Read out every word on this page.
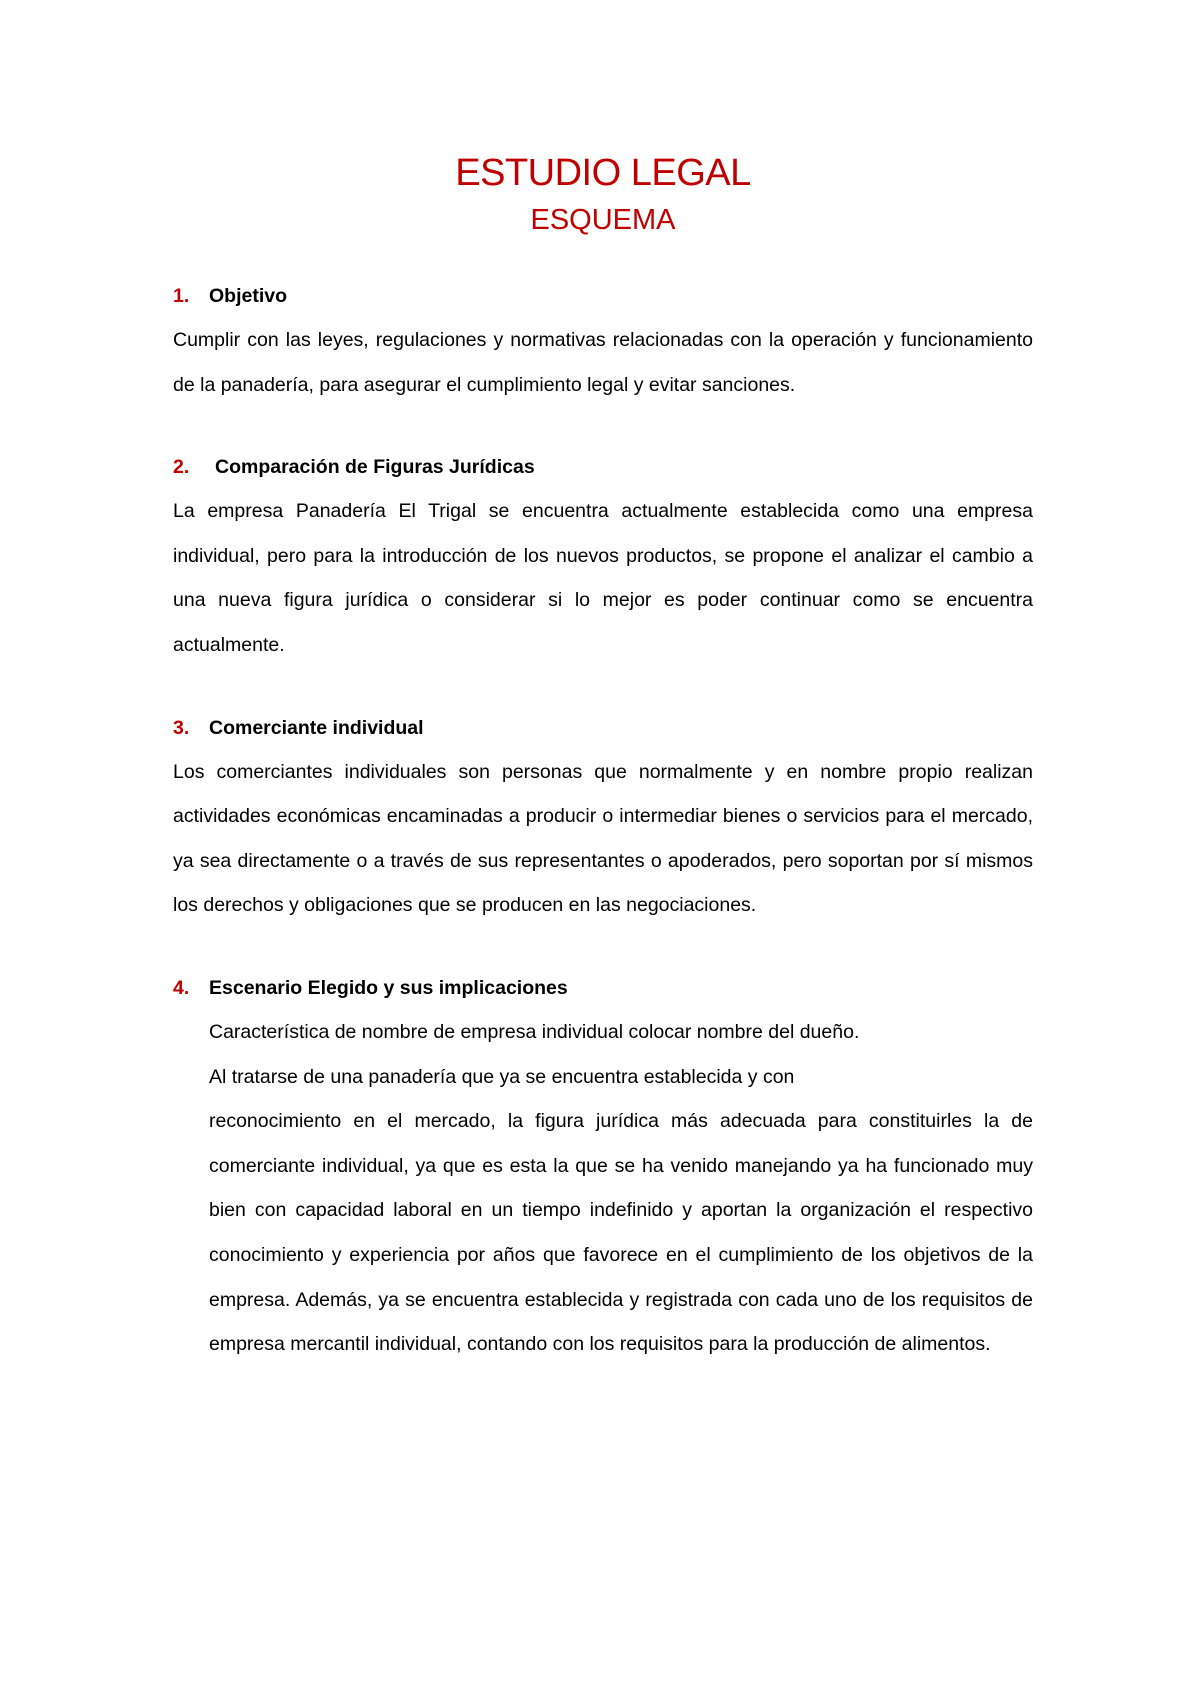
ESTUDIO LEGAL
ESQUEMA
1.	Objetivo

Cumplir con las leyes, regulaciones y normativas relacionadas con la operación y funcionamiento de la panadería, para asegurar el cumplimiento legal y evitar sanciones.

2.	Comparación de Figuras Jurídicas

La empresa Panadería El Trigal se encuentra actualmente establecida como una empresa individual, pero para la introducción de los nuevos productos, se propone el analizar el cambio a una nueva figura jurídica o considerar si lo mejor es poder continuar como se encuentra actualmente.

3.	Comerciante individual

Los comerciantes individuales son personas que normalmente y en nombre propio realizan actividades económicas encaminadas a producir o intermediar bienes o servicios para el mercado, ya sea directamente o a través de sus representantes o apoderados, pero soportan por sí mismos los derechos y obligaciones que se producen en las negociaciones.

4.	Escenario Elegido y sus implicaciones

Característica de nombre de empresa individual colocar nombre del dueño.

Al tratarse de una panadería que ya se encuentra establecida y con

reconocimiento en el mercado, la figura jurídica más adecuada para constituirles la de comerciante individual, ya que es esta la que se ha venido manejando ya ha funcionado muy bien con capacidad laboral en un tiempo indefinido y aportan la organización el respectivo conocimiento y experiencia por años que favorece en el cumplimiento de los objetivos de la empresa. Además, ya se encuentra establecida y registrada con cada uno de los requisitos de empresa mercantil individual, contando con los requisitos para la producción de alimentos.
